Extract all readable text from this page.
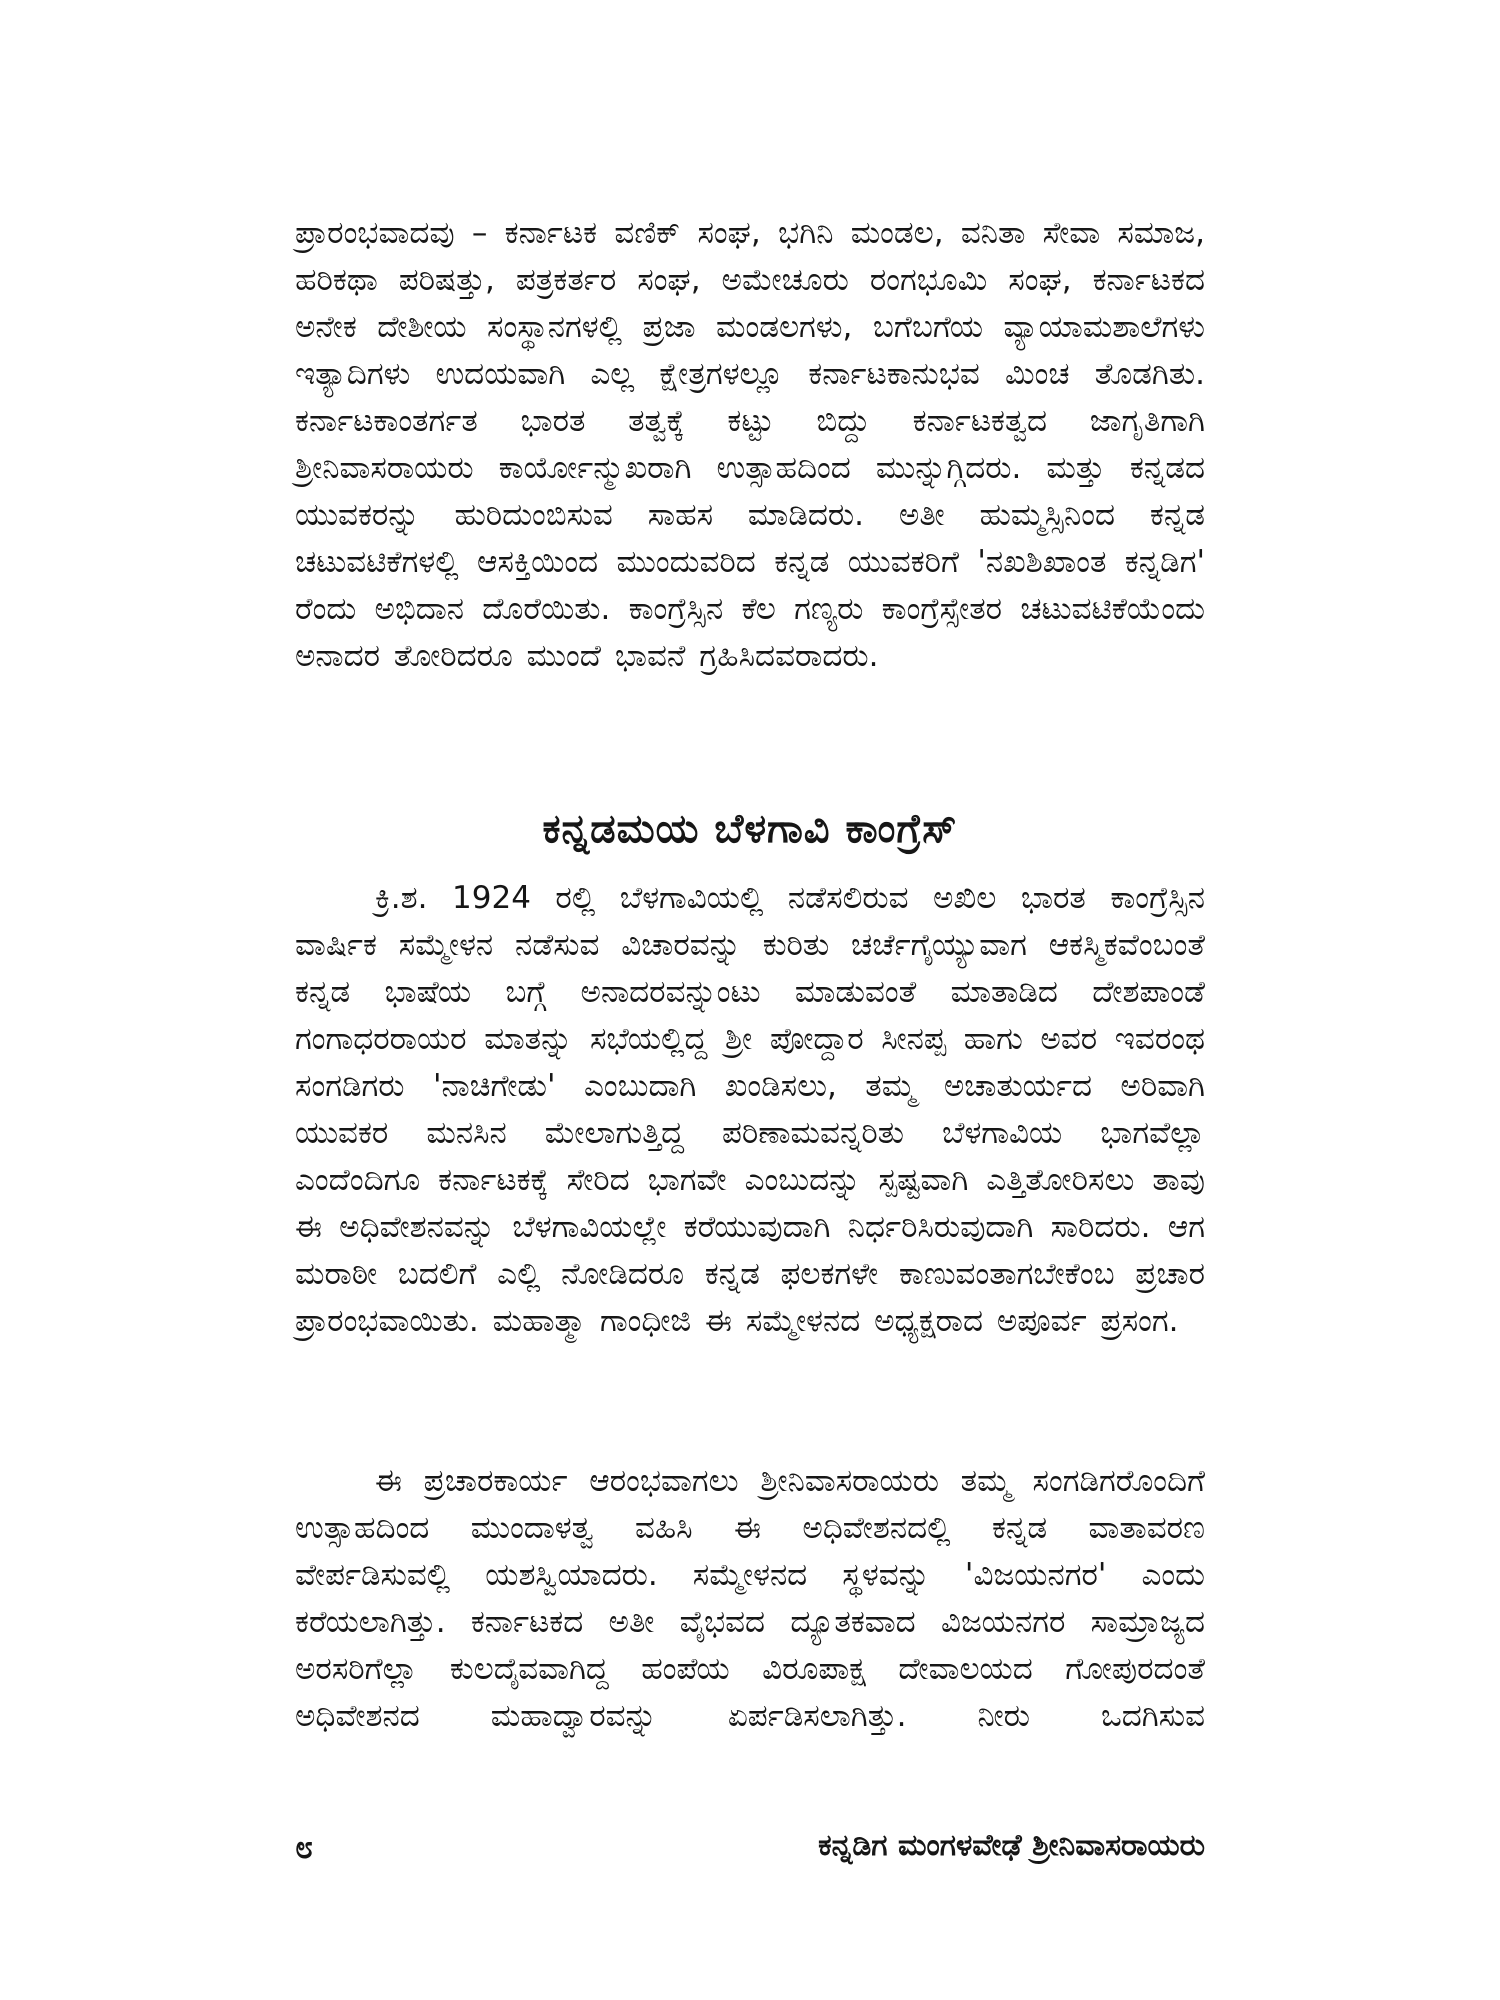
ಪ್ರಾರಂಭವಾದವು – ಕರ್ನಾಟಕ ವಣಿಕ್ ಸಂಘ, ಭಗಿನಿ ಮಂಡಲ, ವನಿತಾ ಸೇವಾ ಸಮಾಜ, ಹರಿಕಥಾ ಪರಿಷತ್ತು, ಪತ್ರಕರ್ತರ ಸಂಘ, ಅಮೇಚೂರು ರಂಗಭೂಮಿ ಸಂಘ, ಕರ್ನಾಟಕದ ಅನೇಕ ದೇಶೀಯ ಸಂಸ್ಥಾನಗಳಲ್ಲಿ ಪ್ರಜಾ ಮಂಡಲಗಳು, ಬಗೆಬಗೆಯ ವ್ಯಾಯಾಮಶಾಲೆಗಳು ಇತ್ಯಾದಿಗಳು ಉದಯವಾಗಿ ಎಲ್ಲ ಕ್ಷೇತ್ರಗಳಲ್ಲೂ ಕರ್ನಾಟಕಾನುಭವ ಮಿಂಚ ತೊಡಗಿತು. ಕರ್ನಾಟಕಾಂತರ್ಗತ ಭಾರತ ತತ್ವಕ್ಕೆ ಕಟ್ಟು ಬಿದ್ದು ಕರ್ನಾಟಕತ್ವದ ಜಾಗೃತಿಗಾಗಿ ಶ್ರೀನಿವಾಸರಾಯರು ಕಾರ್ಯೋನ್ಮುಖರಾಗಿ ಉತ್ಸಾಹದಿಂದ ಮುನ್ನುಗ್ಗಿದರು. ಮತ್ತು ಕನ್ನಡದ ಯುವಕರನ್ನು ಹುರಿದುಂಬಿಸುವ ಸಾಹಸ ಮಾಡಿದರು. ಅತೀ ಹುಮ್ಮಸ್ಸಿನಿಂದ ಕನ್ನಡ ಚಟುವಟಿಕೆಗಳಲ್ಲಿ ಆಸಕ್ತಿಯಿಂದ ಮುಂದುವರಿದ ಕನ್ನಡ ಯುವಕರಿಗೆ 'ನಖಶಿಖಾಂತ ಕನ್ನಡಿಗ' ರೆಂದು ಅಭಿದಾನ ದೊರೆಯಿತು. ಕಾಂಗ್ರೆಸ್ಸಿನ ಕೆಲ ಗಣ್ಯರು ಕಾಂಗ್ರೆಸ್ಸೇತರ ಚಟುವಟಿಕೆಯೆಂದು ಅನಾದರ ತೋರಿದರೂ ಮುಂದೆ ಭಾವನೆ ಗ್ರಹಿಸಿದವರಾದರು.

ಕನ್ನಡಮಯ ಬೆಳಗಾವಿ ಕಾಂಗ್ರೆಸ್

ಕ್ರಿ.ಶ. 1924 ರಲ್ಲಿ ಬೆಳಗಾವಿಯಲ್ಲಿ ನಡೆಸಲಿರುವ ಅಖಿಲ ಭಾರತ ಕಾಂಗ್ರೆಸ್ಸಿನ ವಾರ್ಷಿಕ ಸಮ್ಮೇಳನ ನಡೆಸುವ ವಿಚಾರವನ್ನು ಕುರಿತು ಚರ್ಚೆಗೈಯ್ಯುವಾಗ ಆಕಸ್ಮಿಕವೆಂಬಂತೆ ಕನ್ನಡ ಭಾಷೆಯ ಬಗ್ಗೆ ಅನಾದರವನ್ನುಂಟು ಮಾಡುವಂತೆ ಮಾತಾಡಿದ ದೇಶಪಾಂಡೆ ಗಂಗಾಧರರಾಯರ ಮಾತನ್ನು ಸಭೆಯಲ್ಲಿದ್ದ ಶ್ರೀ ಪೋದ್ದಾರ ಸೀನಪ್ಪ ಹಾಗು ಅವರ ಇವರಂಥ ಸಂಗಡಿಗರು 'ನಾಚಿಗೇಡು' ಎಂಬುದಾಗಿ ಖಂಡಿಸಲು, ತಮ್ಮ ಅಚಾತುರ್ಯದ ಅರಿವಾಗಿ ಯುವಕರ ಮನಸಿನ ಮೇಲಾಗುತ್ತಿದ್ದ ಪರಿಣಾಮವನ್ನರಿತು ಬೆಳಗಾವಿಯ ಭಾಗವೆಲ್ಲಾ ಎಂದೆಂದಿಗೂ ಕರ್ನಾಟಕಕ್ಕೆ ಸೇರಿದ ಭಾಗವೇ ಎಂಬುದನ್ನು ಸ್ಪಷ್ಟವಾಗಿ ಎತ್ತಿತೋರಿಸಲು ತಾವು ಈ ಅಧಿವೇಶನವನ್ನು ಬೆಳಗಾವಿಯಲ್ಲೇ ಕರೆಯುವುದಾಗಿ ನಿರ್ಧರಿಸಿರುವುದಾಗಿ ಸಾರಿದರು. ಆಗ ಮರಾಠೀ ಬದಲಿಗೆ ಎಲ್ಲಿ ನೋಡಿದರೂ ಕನ್ನಡ ಫಲಕಗಳೇ ಕಾಣುವಂತಾಗಬೇಕೆಂಬ ಪ್ರಚಾರ ಪ್ರಾರಂಭವಾಯಿತು. ಮಹಾತ್ಮಾ ಗಾಂಧೀಜಿ ಈ ಸಮ್ಮೇಳನದ ಅಧ್ಯಕ್ಷರಾದ ಅಪೂರ್ವ ಪ್ರಸಂಗ.

ಈ ಪ್ರಚಾರಕಾರ್ಯ ಆರಂಭವಾಗಲು ಶ್ರೀನಿವಾಸರಾಯರು ತಮ್ಮ ಸಂಗಡಿಗರೊಂದಿಗೆ ಉತ್ಸಾಹದಿಂದ ಮುಂದಾಳತ್ವ ವಹಿಸಿ ಈ ಅಧಿವೇಶನದಲ್ಲಿ ಕನ್ನಡ ವಾತಾವರಣ ವೇರ್ಪಡಿಸುವಲ್ಲಿ ಯಶಸ್ವಿಯಾದರು. ಸಮ್ಮೇಳನದ ಸ್ಥಳವನ್ನು 'ವಿಜಯನಗರ' ಎಂದು ಕರೆಯಲಾಗಿತ್ತು. ಕರ್ನಾಟಕದ ಅತೀ ವೈಭವದ ದ್ಯೂತಕವಾದ ವಿಜಯನಗರ ಸಾಮ್ರಾಜ್ಯದ ಅರಸರಿಗೆಲ್ಲಾ ಕುಲದೈವವಾಗಿದ್ದ ಹಂಪೆಯ ವಿರೂಪಾಕ್ಷ ದೇವಾಲಯದ ಗೋಪುರದಂತೆ ಅಧಿವೇಶನದ ಮಹಾದ್ವಾರವನ್ನು ಏರ್ಪಡಿಸಲಾಗಿತ್ತು. ನೀರು ಒದಗಿಸುವ

೮	ಕನ್ನಡಿಗ ಮಂಗಳವೇಢೆ ಶ್ರೀನಿವಾಸರಾಯರು
